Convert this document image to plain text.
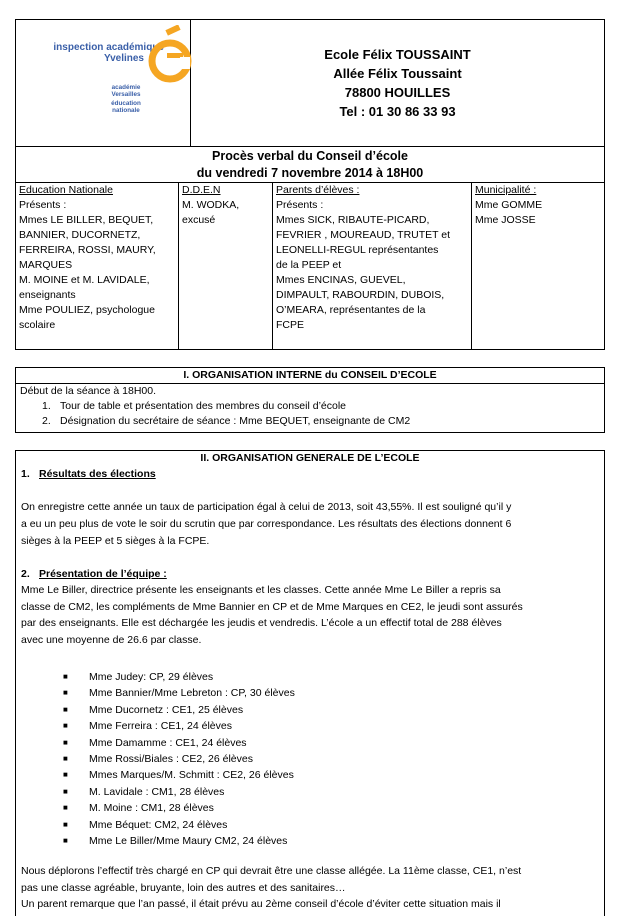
inspection académique
Yvelines
académie
Versailles
éducation
nationale
Ecole Félix TOUSSAINT
Allée Félix Toussaint
78800 HOUILLES
Tel : 01 30 86 33 93
Procès verbal du Conseil d’école
du vendredi 7 novembre 2014 à 18H00
Education Nationale
Présents :
Mmes LE BILLER, BEQUET,
BANNIER, DUCORNETZ,
FERREIRA, ROSSI, MAURY,
MARQUES
M. MOINE et M. LAVIDALE,
enseignants
Mme POULIEZ, psychologue
scolaire
D.D.E.N
M. WODKA,
excusé
Parents d’élèves :
Présents :
Mmes SICK, RIBAUTE-PICARD,
FEVRIER , MOUREAUD, TRUTET et
LEONELLI-REGUL représentantes
de la PEEP et
Mmes ENCINAS, GUEVEL,
DIMPAULT, RABOURDIN, DUBOIS,
O’MEARA, représentantes de la
FCPE
Municipalité :
Mme GOMME
Mme JOSSE
I. ORGANISATION INTERNE du CONSEIL D’ECOLE
Début de la séance à 18H00.
1. Tour de table et présentation des membres du conseil d’école
2. Désignation du secrétaire de séance : Mme BEQUET, enseignante de CM2
II. ORGANISATION GENERALE DE L’ECOLE
1. Résultats des élections
On enregistre cette année un taux de participation égal à celui de 2013, soit 43,55%. Il est souligné qu’il y
a eu un peu plus de vote le soir du scrutin que par correspondance. Les résultats des élections donnent 6
sièges à la PEEP et 5 sièges à la FCPE.
2. Présentation de l’équipe :
Mme Le Biller, directrice présente les enseignants et les classes. Cette année Mme Le Biller a repris sa
classe de CM2, les compléments de Mme Bannier en CP et de Mme Marques en CE2, le jeudi sont assurés
par des enseignants. Elle est déchargée les jeudis et vendredis. L’école a un effectif total de 288 élèves
avec une moyenne de 26.6 par classe.
■	Mme Judey: CP, 29 élèves
■	Mme Bannier/Mme Lebreton : CP, 30 élèves
■	Mme Ducornetz : CE1, 25 élèves
■	Mme Ferreira : CE1, 24 élèves
■	Mme Damamme : CE1, 24 élèves
■	Mme Rossi/Biales : CE2, 26 élèves
■	Mmes Marques/M. Schmitt : CE2, 26 élèves
■	M. Lavidale : CM1, 28 élèves
■	M. Moine : CM1, 28 élèves
■	Mme Béquet: CM2, 24 élèves
■	Mme Le Biller/Mme Maury CM2, 24 élèves
Nous déplorons l’effectif très chargé en CP qui devrait être une classe allégée. La 11ème classe, CE1, n’est
pas une classe agréable, bruyante, loin des autres et des sanitaires…
Un parent remarque que l’an passé, il était prévu au 2ème conseil d’école d’éviter cette situation mais il
